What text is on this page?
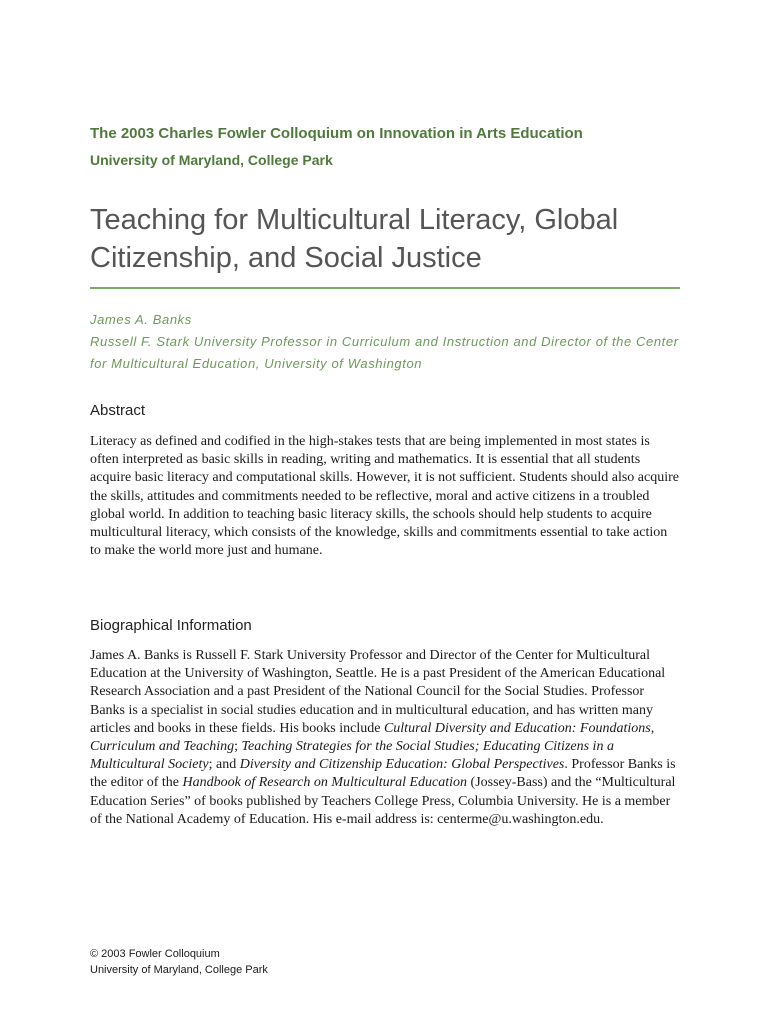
The 2003 Charles Fowler Colloquium on Innovation in Arts Education

University of Maryland, College Park

Teaching for Multicultural Literacy, Global Citizenship, and Social Justice

James A. Banks

Russell F. Stark University Professor in Curriculum and Instruction and Director of the Center for Multicultural Education, University of Washington

Abstract

Literacy as defined and codified in the high-stakes tests that are being implemented in most states is often interpreted as basic skills in reading, writing and mathematics. It is essential that all students acquire basic literacy and computational skills. However, it is not sufficient. Students should also acquire the skills, attitudes and commitments needed to be reflective, moral and active citizens in a troubled global world. In addition to teaching basic literacy skills, the schools should help students to acquire multicultural literacy, which consists of the knowledge, skills and commitments essential to take action to make the world more just and humane.

Biographical Information

James A. Banks is Russell F. Stark University Professor and Director of the Center for Multicultural Education at the University of Washington, Seattle. He is a past President of the American Educational Research Association and a past President of the National Council for the Social Studies. Professor Banks is a specialist in social studies education and in multicultural education, and has written many articles and books in these fields. His books include Cultural Diversity and Education: Foundations, Curriculum and Teaching; Teaching Strategies for the Social Studies; Educating Citizens in a Multicultural Society; and Diversity and Citizenship Education: Global Perspectives. Professor Banks is the editor of the Handbook of Research on Multicultural Education (Jossey-Bass) and the “Multicultural Education Series” of books published by Teachers College Press, Columbia University. He is a member of the National Academy of Education. His e-mail address is: centerme@u.washington.edu.

© 2003 Fowler Colloquium
University of Maryland, College Park
